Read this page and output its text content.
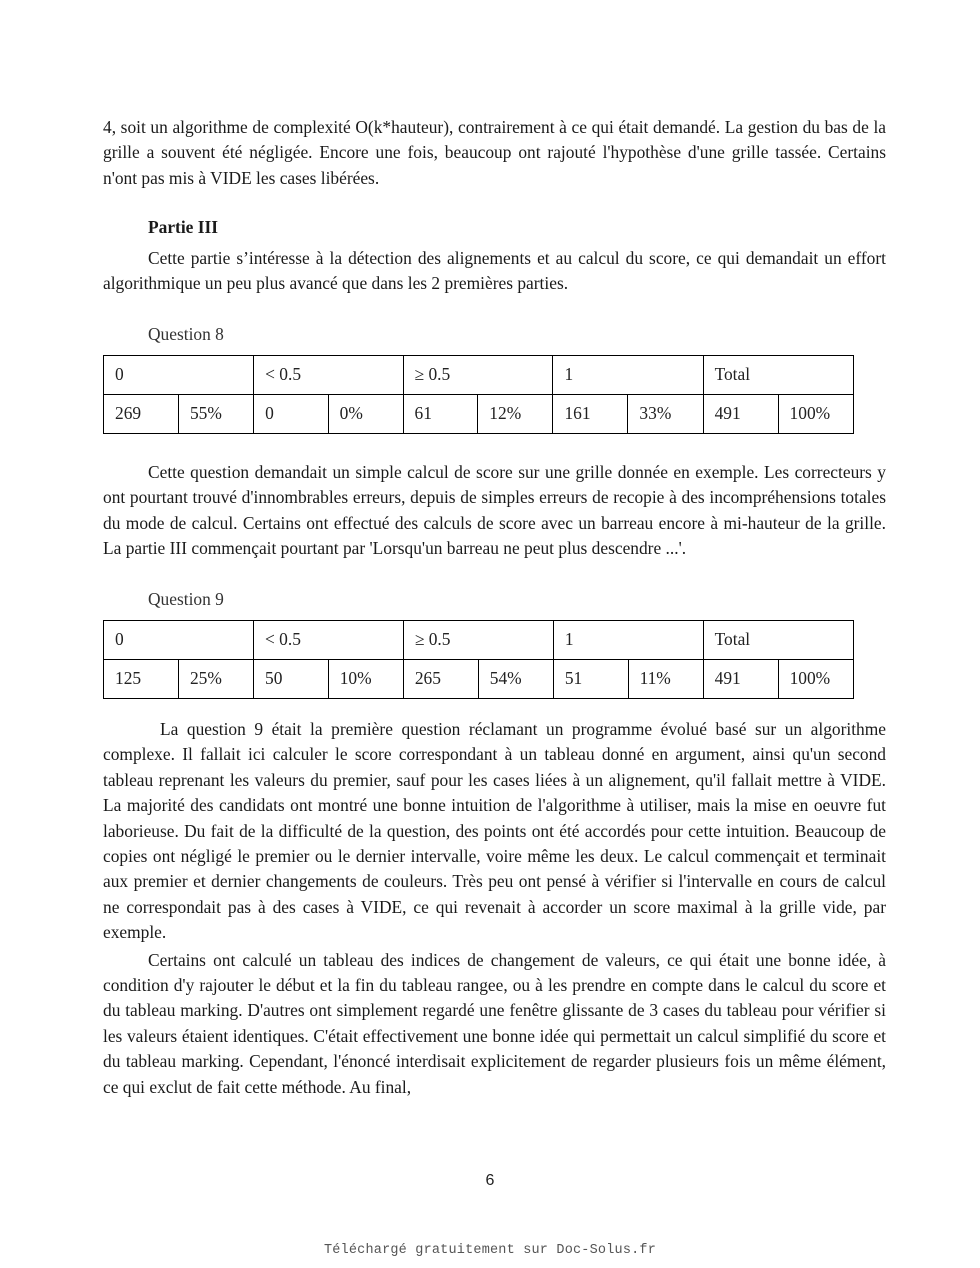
4, soit un algorithme de complexité O(k*hauteur), contrairement à ce qui était demandé. La gestion du bas de la grille a souvent été négligée. Encore une fois, beaucoup ont rajouté l'hypothèse d'une grille tassée. Certains n'ont pas mis à VIDE les cases libérées.

Partie III

Cette partie s’intéresse à la détection des alignements et au calcul du score, ce qui demandait un effort algorithmique un peu plus avancé que dans les 2 premières parties.

Question 8

0		< 0.5		≥ 0.5		1		Total	
269	55%	0	0%	61	12%	161	33%	491	100%

Cette question demandait un simple calcul de score sur une grille donnée en exemple. Les correcteurs y ont pourtant trouvé d'innombrables erreurs, depuis de simples erreurs de recopie à des incompréhensions totales du mode de calcul. Certains ont effectué des calculs de score avec un barreau encore à mi-hauteur de la grille. La partie III commençait pourtant par 'Lorsqu'un barreau ne peut plus descendre ...'.

Question 9

0		< 0.5		≥ 0.5		1		Total	
125	25%	50	10%	265	54%	51	11%	491	100%

La question 9 était la première question réclamant un programme évolué basé sur un algorithme complexe. Il fallait ici calculer le score correspondant à un tableau donné en argument, ainsi qu'un second tableau reprenant les valeurs du premier, sauf pour les cases liées à un alignement, qu'il fallait mettre à VIDE. La majorité des candidats ont montré une bonne intuition de l'algorithme à utiliser, mais la mise en oeuvre fut laborieuse. Du fait de la difficulté de la question, des points ont été accordés pour cette intuition. Beaucoup de copies ont négligé le premier ou le dernier intervalle, voire même les deux. Le calcul commençait et terminait aux premier et dernier changements de couleurs. Très peu ont pensé à vérifier si l'intervalle en cours de calcul ne correspondait pas à des cases à VIDE, ce qui revenait à accorder un score maximal à la grille vide, par exemple.

Certains ont calculé un tableau des indices de changement de valeurs, ce qui était une bonne idée, à condition d'y rajouter le début et la fin du tableau rangee, ou à les prendre en compte dans le calcul du score et du tableau marking. D'autres ont simplement regardé une fenêtre glissante de 3 cases du tableau pour vérifier si les valeurs étaient identiques. C'était effectivement une bonne idée qui permettait un calcul simplifié du score et du tableau marking. Cependant, l'énoncé interdisait explicitement de regarder plusieurs fois un même élément, ce qui exclut de fait cette méthode. Au final,

6
Téléchargé gratuitement sur Doc-Solus.fr
